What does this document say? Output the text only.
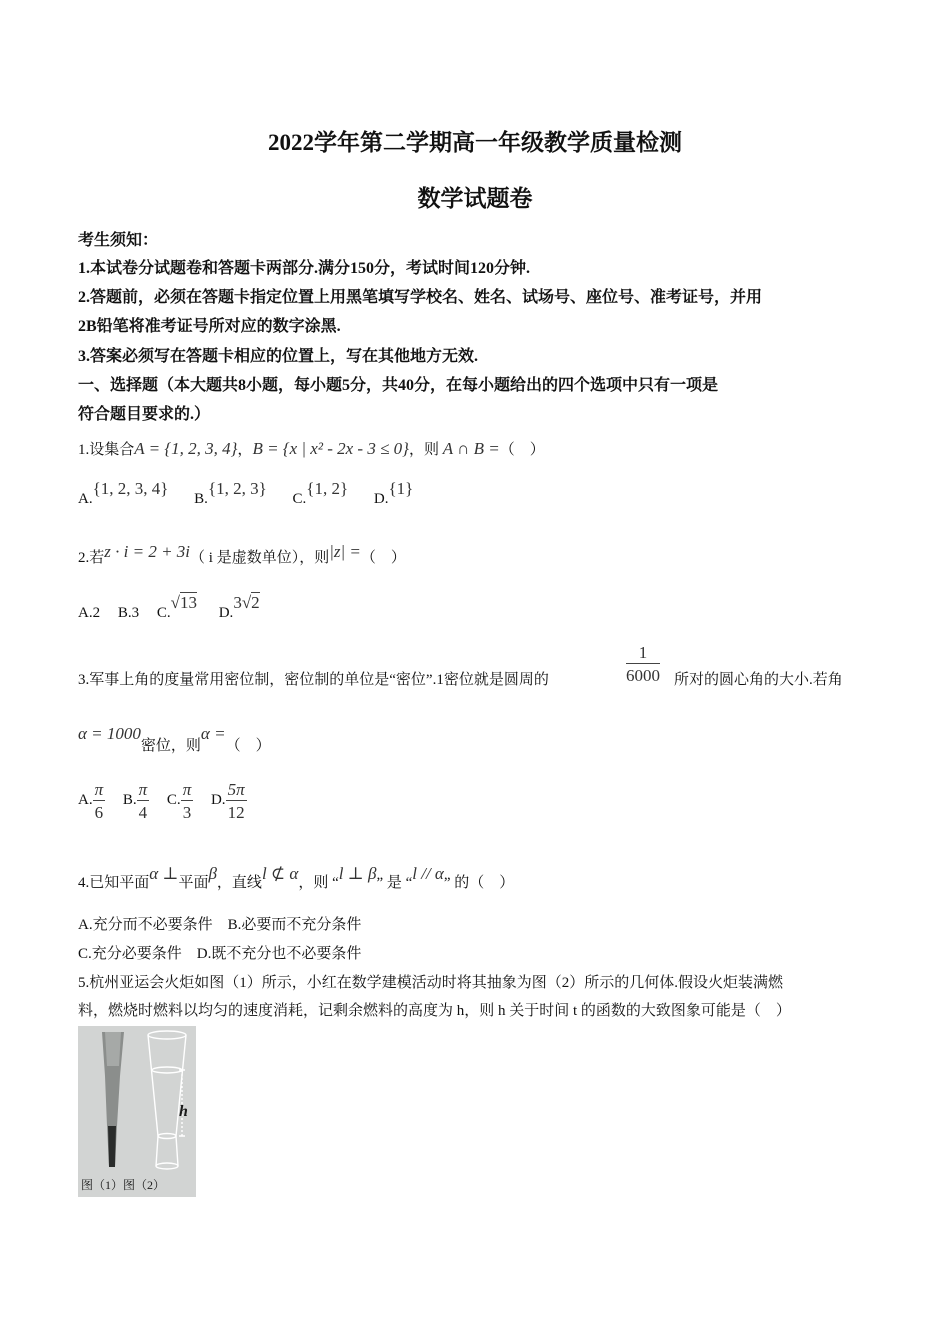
2022学年第二学期高一年级教学质量检测
数学试题卷
考生须知：
1.本试卷分试题卷和答题卡两部分.满分150分，考试时间120分钟.
2.答题前，必须在答题卡指定位置上用黑笔填写学校名、姓名、试场号、座位号、准考证号，并用
2B铅笔将准考证号所对应的数字涂黑.
3.答案必须写在答题卡相应的位置上，写在其他地方无效.
一、选择题（本大题共8小题，每小题5分，共40分，在每小题给出的四个选项中只有一项是
符合题目要求的.）
1.设集合A = {1, 2, 3, 4}，B = {x | x² - 2x - 3 ≤ 0}，则 A ∩ B =（　）
A.{1, 2, 3, 4} B.{1, 2, 3} C.{1, 2} D.{1}
2.若z · i = 2 + 3i（ i 是虚数单位），则|z| =（　）
A.2 B.3 C.√13 D.3√2
3.军事上角的度量常用密位制，密位制的单位是“密位”.1密位就是圆周的	$\frac{1}{6000}$ 所对的圆心角的大小.若角
α = 1000密位，则α =（　）
A. $\frac{\pi}{6} B$. $\frac{\pi}{4} C$. $\frac{\pi}{3} D$. $\frac{5\pi}{12}$
4.已知平面α ⊥平面β，直线l ⊄ α，则 “l ⊥ β” 是 “l // α” 的（　）
A.充分而不必要条件　B.必要而不充分条件
C.充分必要条件　D.既不充分也不必要条件
5.杭州亚运会火炬如图（1）所示，小红在数学建模活动时将其抽象为图（2）所示的几何体.假设火炬装满燃
料，燃烧时燃料以均匀的速度消耗，记剩余燃料的高度为 h，则 h 关于时间 t 的函数的大致图象可能是（　）
h
图（1）图（2）
